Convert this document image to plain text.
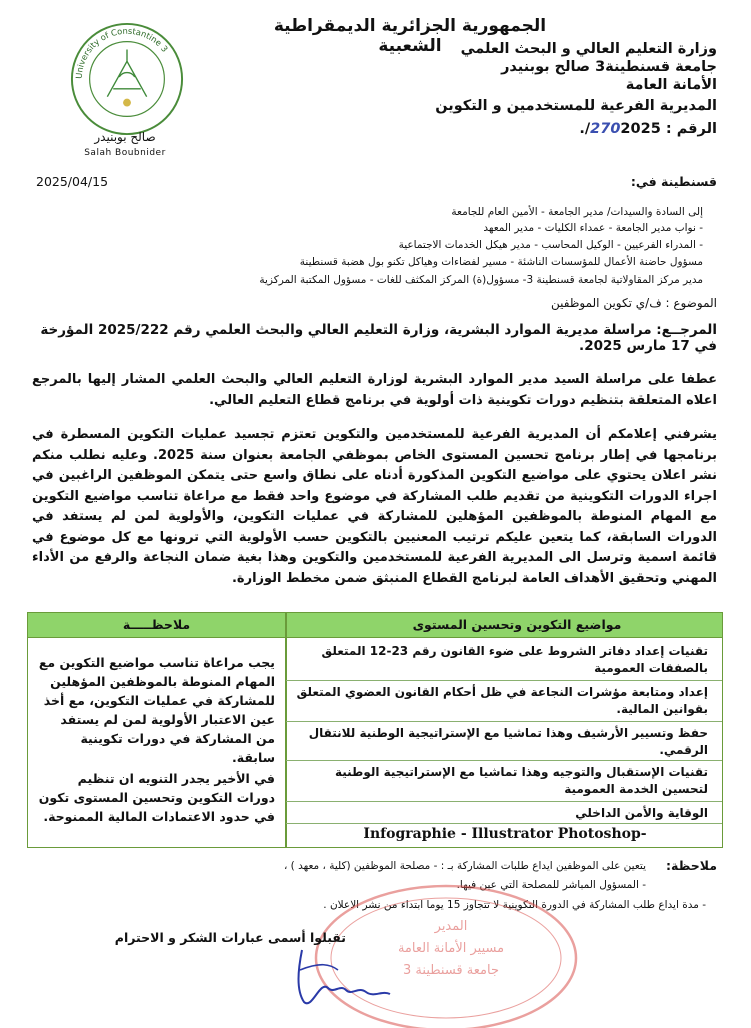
الجمهورية الجزائرية الديمقراطية الشعبية	وزارة التعليم العالي و البحث العلمي
جامعة قسنطينة3 صالح بوبنيدر
الأمانة العامة
المديرية الفرعية للمستخدمين و التكوين
الرقم : 2702025/.
University of Constantine 3
صالح بوبنيدر
Salah Boubnider
قسنطينة في:
2025/04/15
إلى السادة والسيدات/ مدير الجامعة - الأمين العام للجامعة
- نواب مدير الجامعة - عمداء الكليات - مدير المعهد
- المدراء الفرعيين - الوكيل المحاسب - مدير هيكل الخدمات الاجتماعية
مسؤول حاضنة الأعمال للمؤسسات الناشئة - مسير لفضاءات وهياكل تكنو بول هضبة قسنطينة
مدير مركز المقاولاتية لجامعة قسنطينة 3- مسؤول(ة) المركز المكثف للغات - مسؤول المكتبة المركزية
الموضوع : ف/ي تكوين الموظفين
المرجــع: مراسلة مديرية الموارد البشرية، وزارة التعليم العالي والبحث العلمي رقم 2025/222 المؤرخة في 17 مارس 2025.
عطفا على مراسلة السيد مدير الموارد البشرية لوزارة التعليم العالي والبحث العلمي المشار إليها بالمرجع اعلاه المتعلقة بتنظيم دورات تكوينية ذات أولوية في برنامج قطاع التعليم العالي.
يشرفني إعلامكم أن المديرية الفرعية للمستخدمين والتكوين تعتزم تجسيد عمليات التكوين المسطرة في برنامجها في إطار برنامج تحسين المستوى الخاص بموظفي الجامعة بعنوان سنة 2025. وعليه نطلب منكم نشر اعلان يحتوي على مواضيع التكوين المذكورة أدناه على نطاق واسع حتى يتمكن الموظفين الراغبين في اجراء الدورات التكوينية من تقديم طلب المشاركة في موضوع واحد فقط مع مراعاة تناسب مواضيع التكوين مع المهام المنوطة بالموظفين المؤهلين للمشاركة في عمليات التكوين، والأولوية لمن لم يستفد في الدورات السابقة، كما يتعين عليكم ترتيب المعنيين بالتكوين حسب الأولوية التي ترونها مع كل موضوع في قائمة اسمية وترسل الى المديرية الفرعية للمستخدمين والتكوين وهذا بغية ضمان النجاعة والرفع من الأداء المهني وتحقيق الأهداف العامة لبرنامج القطاع المنبثق ضمن مخطط الوزارة.
مواضيع التكوين وتحسين المستوى
ملاحظـــــة
تقنيات إعداد دفاتر الشروط على ضوء القانون رقم 23-12 المتعلق بالصفقات العمومية
إعداد ومتابعة مؤشرات النجاعة في ظل أحكام القانون العضوي المتعلق بقوانين المالية.
حفظ وتسيير الأرشيف وهذا تماشيا مع الإستراتيجية الوطنية للانتقال الرقمي.
تقنيات الإستقبال والتوجيه وهذا تماشيا مع الإستراتيجية الوطنية لتحسين الخدمة العمومية
الوقاية والأمن الداخلي
Infographie - Illustrator Photoshop-
يجب مراعاة تناسب مواضيع التكوين مع المهام المنوطة بالموظفين المؤهلين للمشاركة في عمليات التكوين، مع أخذ عين الاعتبار الأولوية لمن لم يستفد من المشاركة في دورات تكوينية سابقة.
في الأخير يجدر التنويه ان تنظيم دورات التكوين وتحسين المستوى تكون في حدود الاعتمادات المالية الممنوحة.
ملاحظة:
يتعين على الموظفين ايداع طلبات المشاركة بـ : - مصلحة الموظفين (كلية ، معهد ) ،
- المسؤول المباشر للمصلحة التي عين فيها.
- مدة ايداع طلب المشاركة في الدورة التكوينية لا تتجاوز 15 يوما ابتداء من نشر الاعلان .
المدير
مسيير الأمانة العامة
جامعة قسنطينة 3
تقبلوا أسمى عبارات الشكر و الاحترام
